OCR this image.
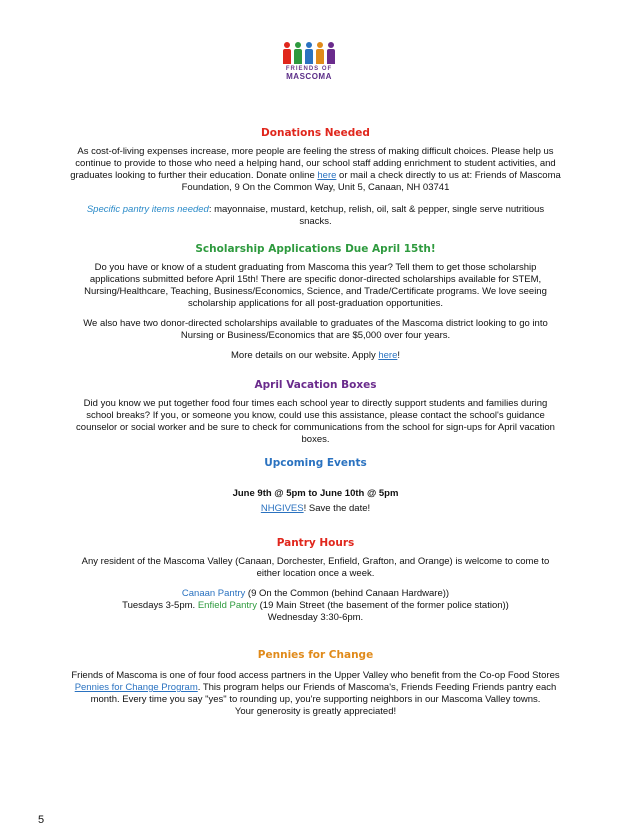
FRIENDS OF
MASCOMA
Donations Needed

As cost-of-living expenses increase, more people are feeling the stress of making difficult choices. Please help us continue to provide to those who need a helping hand, our school staff adding enrichment to student activities, and graduates looking to further their education. Donate online here or mail a check directly to us at: Friends of Mascoma Foundation, 9 On the Common Way, Unit 5, Canaan, NH 03741

Specific pantry items needed: mayonnaise, mustard, ketchup, relish, oil, salt & pepper, single serve nutritious snacks.

Scholarship Applications Due April 15th!

Do you have or know of a student graduating from Mascoma this year? Tell them to get those scholarship applications submitted before April 15th! There are specific donor-directed scholarships available for STEM, Nursing/Healthcare, Teaching, Business/Economics, Science, and Trade/Certificate programs. We love seeing scholarship applications for all post-graduation opportunities.

We also have two donor-directed scholarships available to graduates of the Mascoma district looking to go into Nursing or Business/Economics that are $5,000 over four years.

More details on our website. Apply here!

April Vacation Boxes
Did you know we put together food four times each school year to directly support students and families during school breaks? If you, or someone you know, could use this assistance, please contact the school's guidance counselor or social worker and be sure to check for communications from the school for sign-ups for April vacation boxes.
Upcoming Events

June 9th @ 5pm to June 10th @ 5pm

NHGIVES! Save the date!

Pantry Hours

Any resident of the Mascoma Valley (Canaan, Dorchester, Enfield, Grafton, and Orange) is welcome to come to either location once a week.

Canaan Pantry (9 On the Common (behind Canaan Hardware))

Tuesdays 3-5pm. Enfield Pantry (19 Main Street (the basement of the former police station))

Wednesday 3:30-6pm.

Pennies for Change

Friends of Mascoma is one of four food access partners in the Upper Valley who benefit from the Co-op Food Stores Pennies for Change Program. This program helps our Friends of Mascoma's, Friends Feeding Friends pantry each month. Every time you say "yes" to rounding up, you're supporting neighbors in our Mascoma Valley towns.

Your generosity is greatly appreciated!

5
